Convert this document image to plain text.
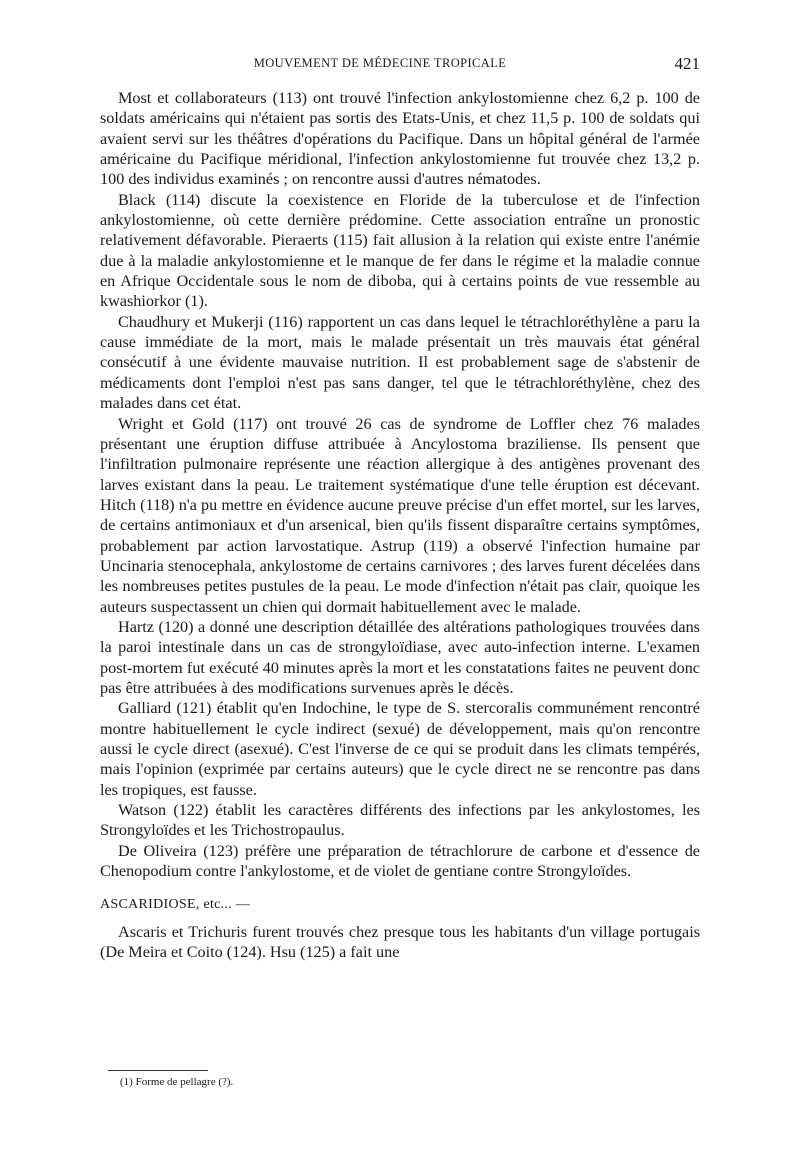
MOUVEMENT DE MÉDECINE TROPICALE	421

Most et collaborateurs (113) ont trouvé l'infection ankylostomienne chez 6,2 p. 100 de soldats américains qui n'étaient pas sortis des Etats-Unis, et chez 11,5 p. 100 de soldats qui avaient servi sur les théâtres d'opérations du Pacifique. Dans un hôpital général de l'armée américaine du Pacifique méridional, l'infection ankylostomienne fut trouvée chez 13,2 p. 100 des individus examinés ; on rencontre aussi d'autres nématodes.

Black (114) discute la coexistence en Floride de la tuberculose et de l'infection ankylostomienne, où cette dernière prédomine. Cette association entraîne un pronostic relativement défavorable. Pieraerts (115) fait allusion à la relation qui existe entre l'anémie due à la maladie ankylostomienne et le manque de fer dans le régime et la maladie connue en Afrique Occidentale sous le nom de diboba, qui à certains points de vue ressemble au kwashiorkor (1).

Chaudhury et Mukerji (116) rapportent un cas dans lequel le tétrachloréthylène a paru la cause immédiate de la mort, mais le malade présentait un très mauvais état général consécutif à une évidente mauvaise nutrition. Il est probablement sage de s'abstenir de médicaments dont l'emploi n'est pas sans danger, tel que le tétrachloréthylène, chez des malades dans cet état.

Wright et Gold (117) ont trouvé 26 cas de syndrome de Loffler chez 76 malades présentant une éruption diffuse attribuée à Ancylostoma braziliense. Ils pensent que l'infiltration pulmonaire représente une réaction allergique à des antigènes provenant des larves existant dans la peau. Le traitement systématique d'une telle éruption est décevant. Hitch (118) n'a pu mettre en évidence aucune preuve précise d'un effet mortel, sur les larves, de certains antimoniaux et d'un arsenical, bien qu'ils fissent disparaître certains symptômes, probablement par action larvostatique. Astrup (119) a observé l'infection humaine par Uncinaria stenocephala, ankylostome de certains carnivores ; des larves furent décelées dans les nombreuses petites pustules de la peau. Le mode d'infection n'était pas clair, quoique les auteurs suspectassent un chien qui dormait habituellement avec le malade.

Hartz (120) a donné une description détaillée des altérations pathologiques trouvées dans la paroi intestinale dans un cas de strongyloïdiase, avec auto-infection interne. L'examen post-mortem fut exécuté 40 minutes après la mort et les constatations faites ne peuvent donc pas être attribuées à des modifications survenues après le décès.

Galliard (121) établit qu'en Indochine, le type de S. stercoralis communément rencontré montre habituellement le cycle indirect (sexué) de développement, mais qu'on rencontre aussi le cycle direct (asexué). C'est l'inverse de ce qui se produit dans les climats tempérés, mais l'opinion (exprimée par certains auteurs) que le cycle direct ne se rencontre pas dans les tropiques, est fausse.

Watson (122) établit les caractères différents des infections par les ankylostomes, les Strongyloïdes et les Trichostropaulus.

De Oliveira (123) préfère une préparation de tétrachlorure de carbone et d'essence de Chenopodium contre l'ankylostome, et de violet de gentiane contre Strongyloïdes.

ASCARIDIOSE, etc... —

Ascaris et Trichuris furent trouvés chez presque tous les habitants d'un village portugais (De Meira et Coito (124). Hsu (125) a fait une

(1) Forme de pellagre (?).
